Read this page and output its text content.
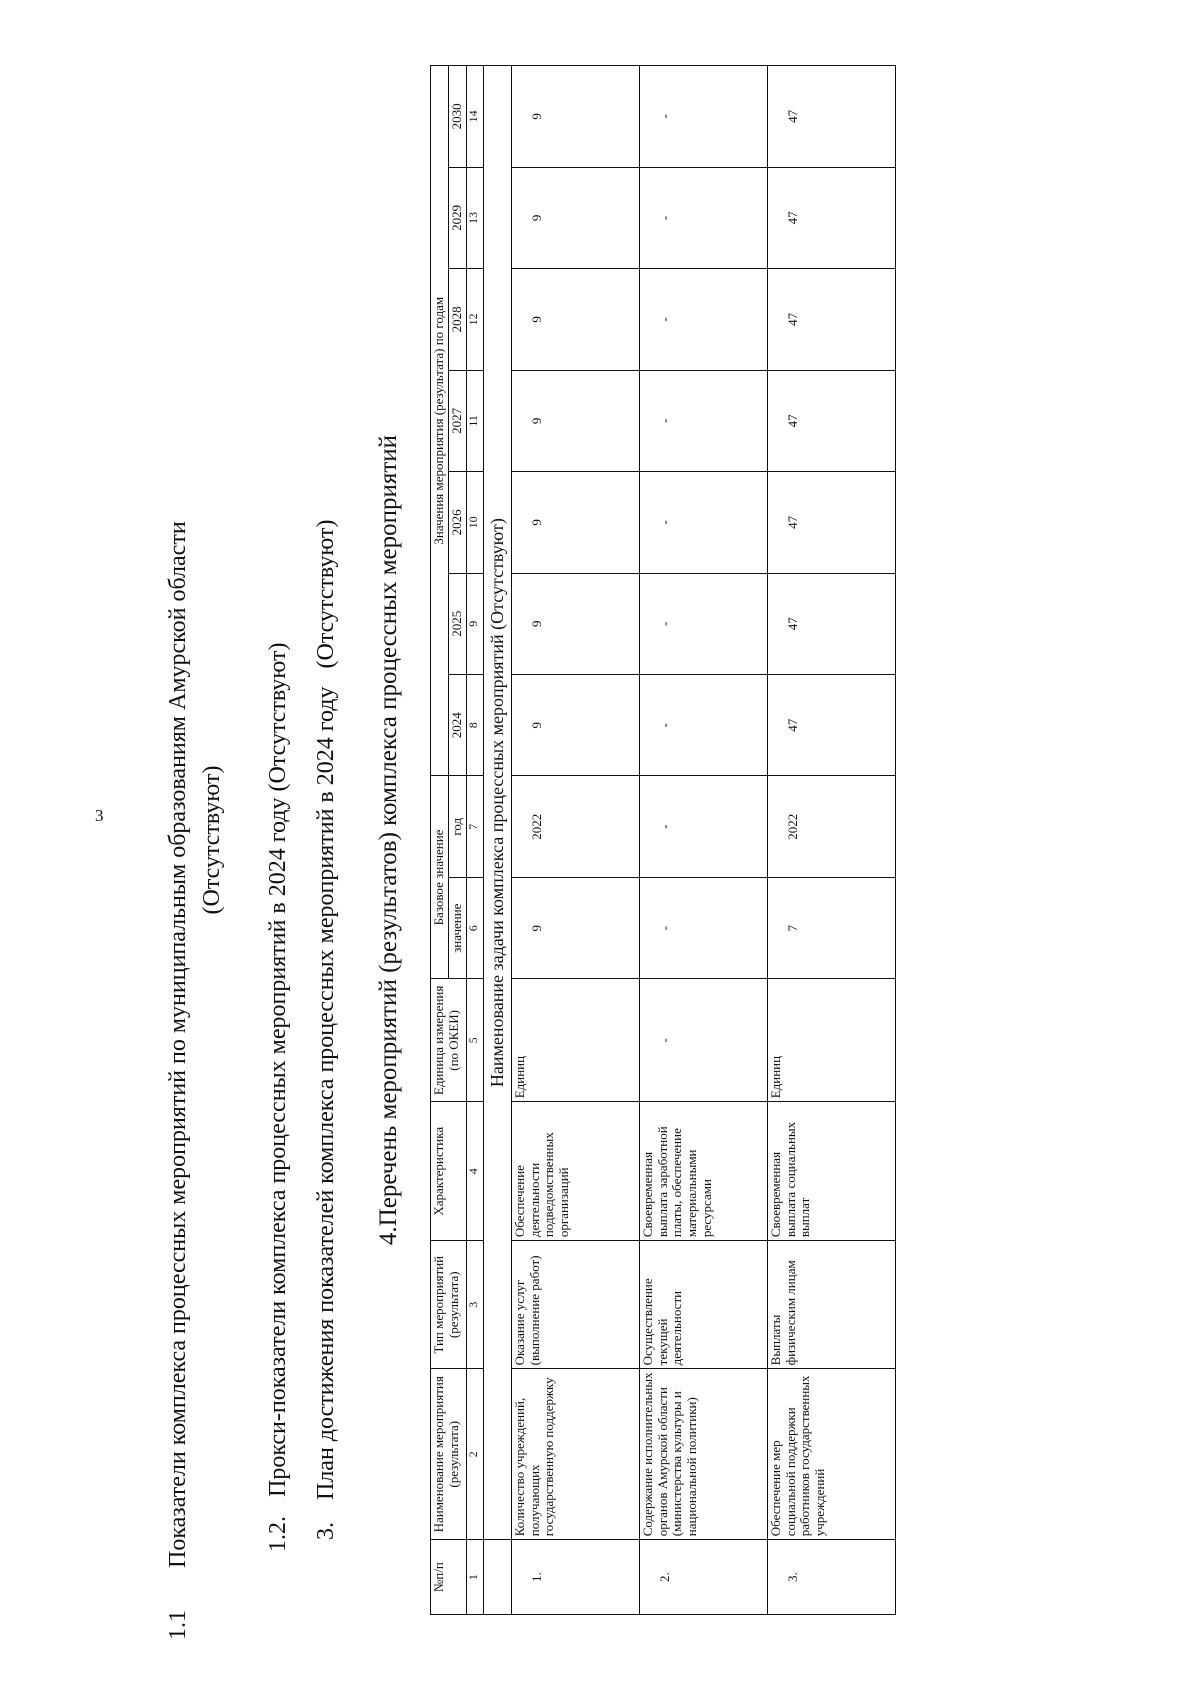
3
1.1
Показатели комплекса процессных мероприятий по муниципальным образованиям Амурской области (Отсутствуют)
1.2.
Прокси-показатели комплекса процессных мероприятий в 2024 году (Отсутствуют)
3.
План достижения показателей комплекса процессных мероприятий в 2024 году   (Отсутствуют) 4.Перечень мероприятий (результатов) комплекса процессных мероприятий
№п/п	Наименование мероприятия (результата)	Тип мероприятий (результата)	Характеристика	Единица измерения (по ОКЕИ)	Базовое значение		Значения мероприятия (результата) по годам						
					значение	год	2024	2025	2026	2027	2028	2029	2030
1	2	3	4	5	6	7	8	9	10	11	12	13	14
	Наименование задачи комплекса процессных мероприятий (Отсутствуют)												
1.	Количество учреждений, получающих государственную поддержку	Оказание услуг (выполнение работ)	Обеспечение деятельности подведомственных организаций	Единиц	9	2022	9	9	9	9	9	9	9
2.	Содержание исполнительных органов Амурской области (министерства культуры и национальной политики)	Осуществление текущей деятельности	Своевременная выплата заработной платы, обеспечение материальными ресурсами	-	-	-	-	-	-	-	-	-	-
3.	Обеспечение мер социальной поддержки работников государственных учреждений	Выплаты физическим лицам	Своевременная выплата социальных выплат	Единиц	7	2022	47	47	47	47	47	47	47
